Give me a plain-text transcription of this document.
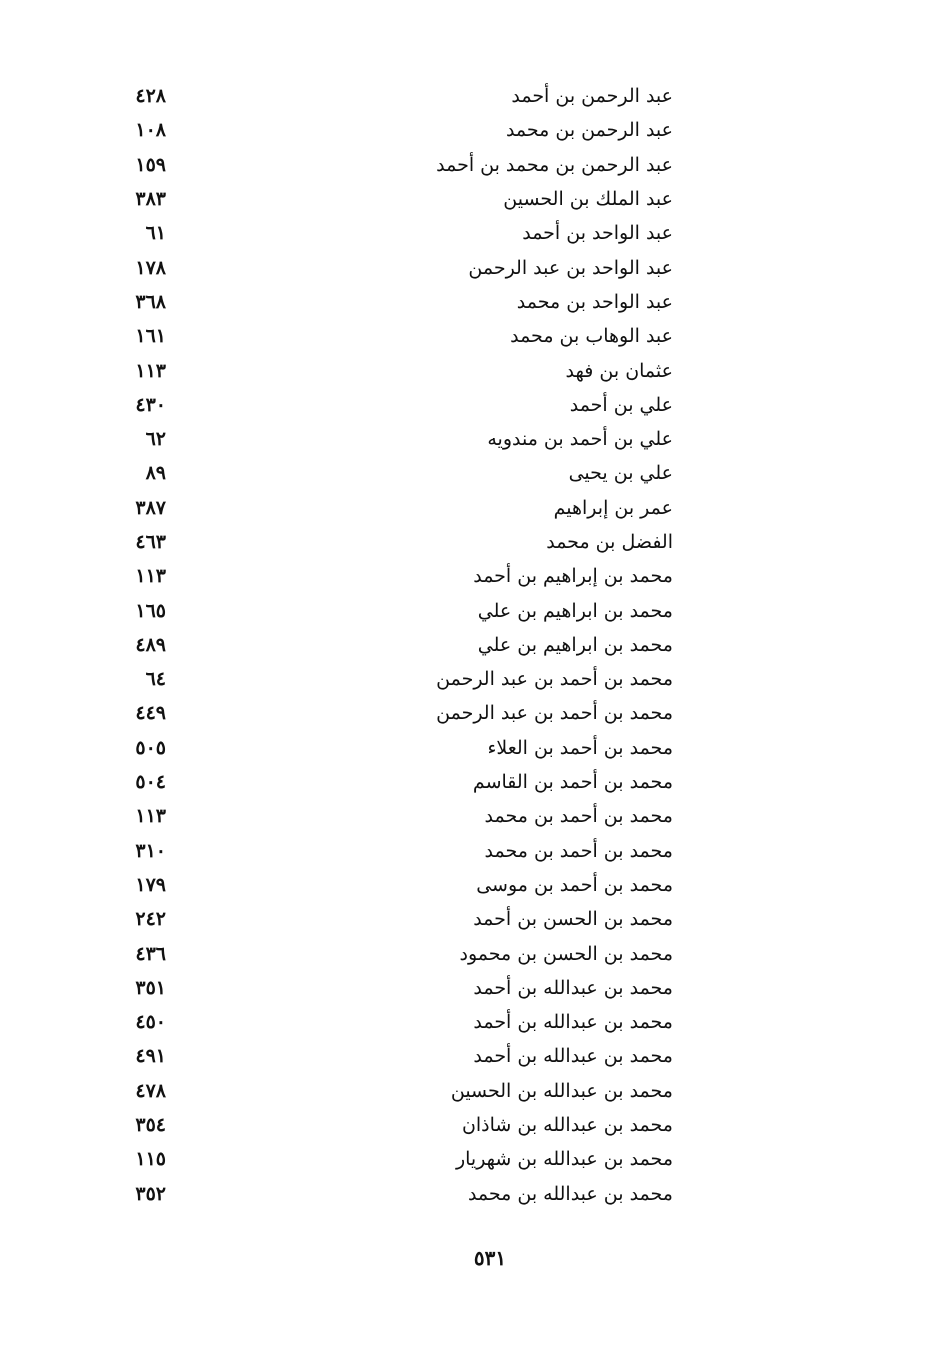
عبد الرحمن بن أحمد
٤٢٨
عبد الرحمن بن محمد
١٠٨
عبد الرحمن بن محمد بن أحمد
١٥٩
عبد الملك بن الحسين
٣٨٣
عبد الواحد بن أحمد
٦١
عبد الواحد بن عبد الرحمن
١٧٨
عبد الواحد بن محمد
٣٦٨
عبد الوهاب بن محمد
١٦١
عثمان بن فهد
١١٣
علي بن أحمد
٤٣٠
علي بن أحمد بن مندويه
٦٢
علي بن يحيى
٨٩
عمر بن إبراهيم
٣٨٧
الفضل بن محمد
٤٦٣
محمد بن إبراهيم بن أحمد
١١٣
محمد بن ابراهيم بن علي
١٦٥
محمد بن ابراهيم بن علي
٤٨٩
محمد بن أحمد بن عبد الرحمن
٦٤
محمد بن أحمد بن عبد الرحمن
٤٤٩
محمد بن أحمد بن العلاء
٥٠٥
محمد بن أحمد بن القاسم
٥٠٤
محمد بن أحمد بن محمد
١١٣
محمد بن أحمد بن محمد
٣١٠
محمد بن أحمد بن موسى
١٧٩
محمد بن الحسن بن أحمد
٢٤٢
محمد بن الحسن بن محمود
٤٣٦
محمد بن عبدالله بن أحمد
٣٥١
محمد بن عبدالله بن أحمد
٤٥٠
محمد بن عبدالله بن أحمد
٤٩١
محمد بن عبدالله بن الحسين
٤٧٨
محمد بن عبدالله بن شاذان
٣٥٤
محمد بن عبدالله بن شهريار
١١٥
محمد بن عبدالله بن محمد
٣٥٢
٥٣١
